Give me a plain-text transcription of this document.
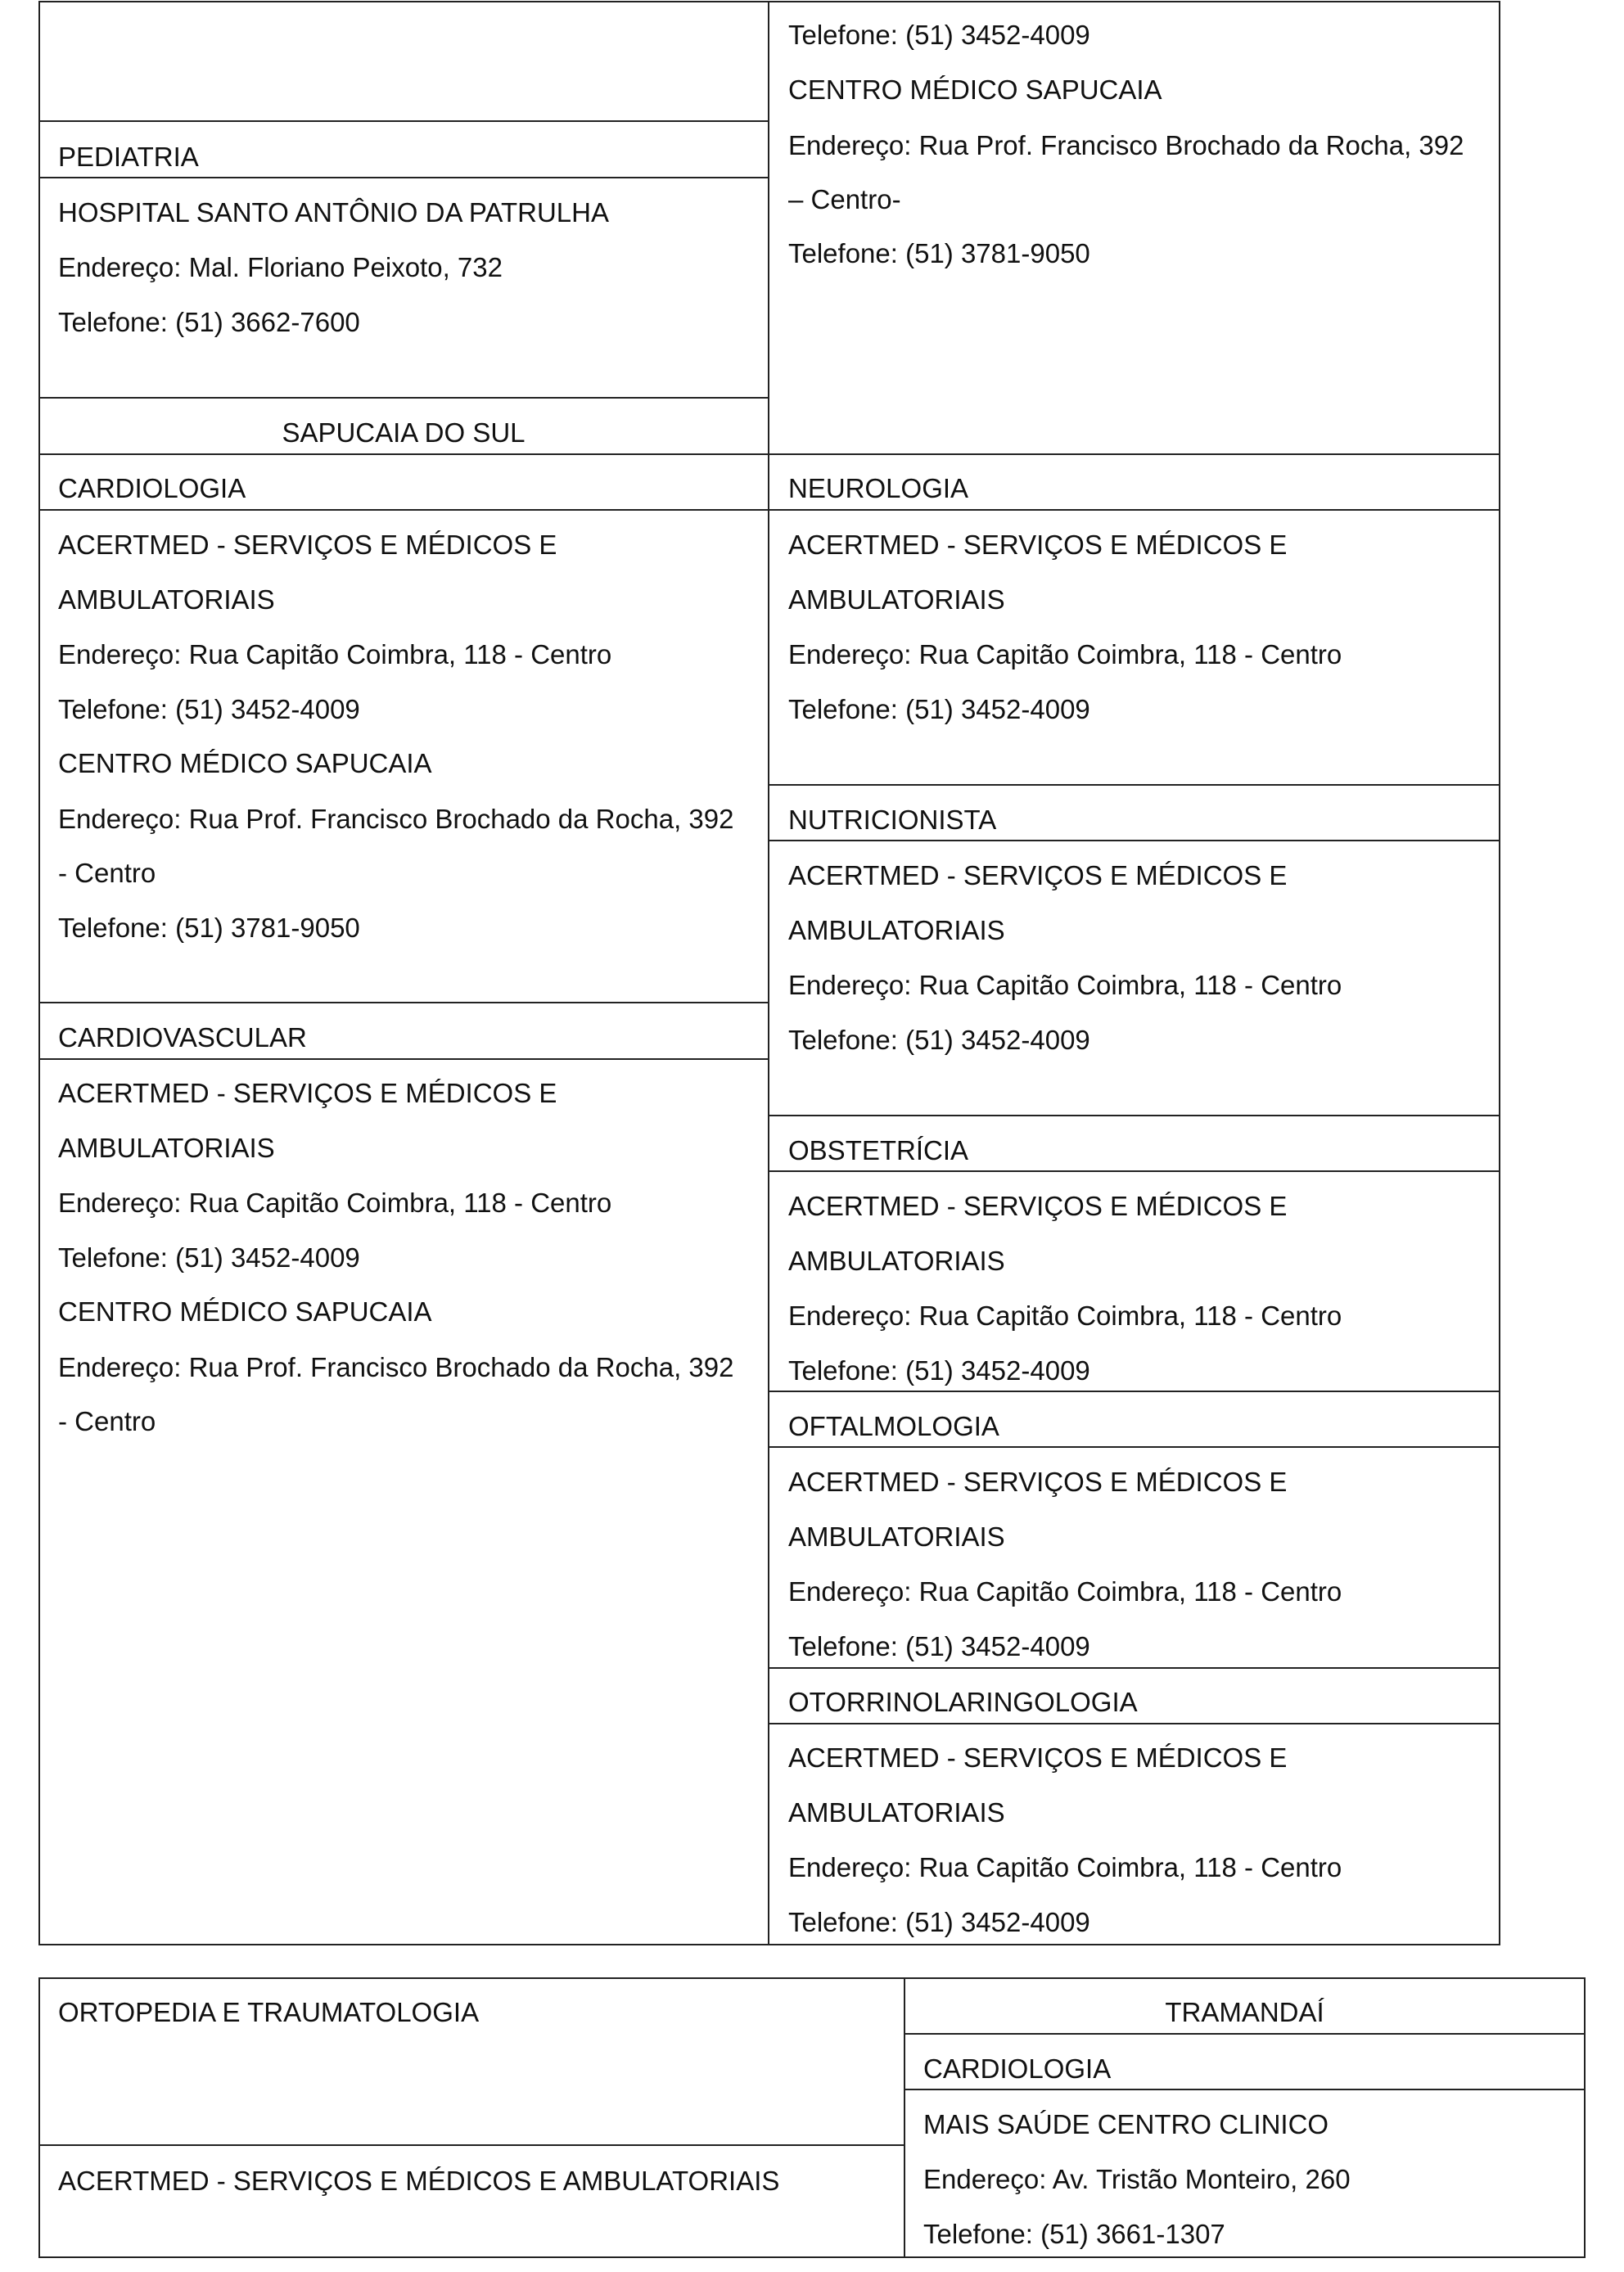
PEDIATRIA
HOSPITAL SANTO ANTÔNIO DA PATRULHA
Endereço: Mal. Floriano Peixoto, 732
Telefone: (51) 3662-7600
SAPUCAIA DO SUL
CARDIOLOGIA
ACERTMED - SERVIÇOS E MÉDICOS E
AMBULATORIAIS
Endereço: Rua Capitão Coimbra, 118 - Centro
Telefone: (51) 3452-4009
CENTRO MÉDICO SAPUCAIA
Endereço: Rua Prof. Francisco Brochado da Rocha, 392
- Centro
Telefone: (51) 3781-9050
CARDIOVASCULAR
ACERTMED - SERVIÇOS E MÉDICOS E
AMBULATORIAIS
Endereço: Rua Capitão Coimbra, 118 - Centro
Telefone: (51) 3452-4009
CENTRO MÉDICO SAPUCAIA
Endereço: Rua Prof. Francisco Brochado da Rocha, 392
- Centro
Telefone: (51) 3452-4009
CENTRO MÉDICO SAPUCAIA
Endereço: Rua Prof. Francisco Brochado da Rocha, 392
– Centro-
Telefone: (51) 3781-9050
NEUROLOGIA
ACERTMED - SERVIÇOS E MÉDICOS E
AMBULATORIAIS
Endereço: Rua Capitão Coimbra, 118 - Centro
Telefone: (51) 3452-4009
NUTRICIONISTA
ACERTMED - SERVIÇOS E MÉDICOS E
AMBULATORIAIS
Endereço: Rua Capitão Coimbra, 118 - Centro
Telefone: (51) 3452-4009
OBSTETRÍCIA
ACERTMED - SERVIÇOS E MÉDICOS E
AMBULATORIAIS
Endereço: Rua Capitão Coimbra, 118 - Centro
Telefone: (51) 3452-4009
OFTALMOLOGIA
ACERTMED - SERVIÇOS E MÉDICOS E
AMBULATORIAIS
Endereço: Rua Capitão Coimbra, 118 - Centro
Telefone: (51) 3452-4009
OTORRINOLARINGOLOGIA
ACERTMED - SERVIÇOS E MÉDICOS E
AMBULATORIAIS
Endereço: Rua Capitão Coimbra, 118 - Centro
Telefone: (51) 3452-4009
ORTOPEDIA E TRAUMATOLOGIA
ACERTMED - SERVIÇOS E MÉDICOS E AMBULATORIAIS
TRAMANDAÍ
CARDIOLOGIA
MAIS SAÚDE CENTRO CLINICO
Endereço: Av. Tristão Monteiro, 260
Telefone: (51) 3661-1307
